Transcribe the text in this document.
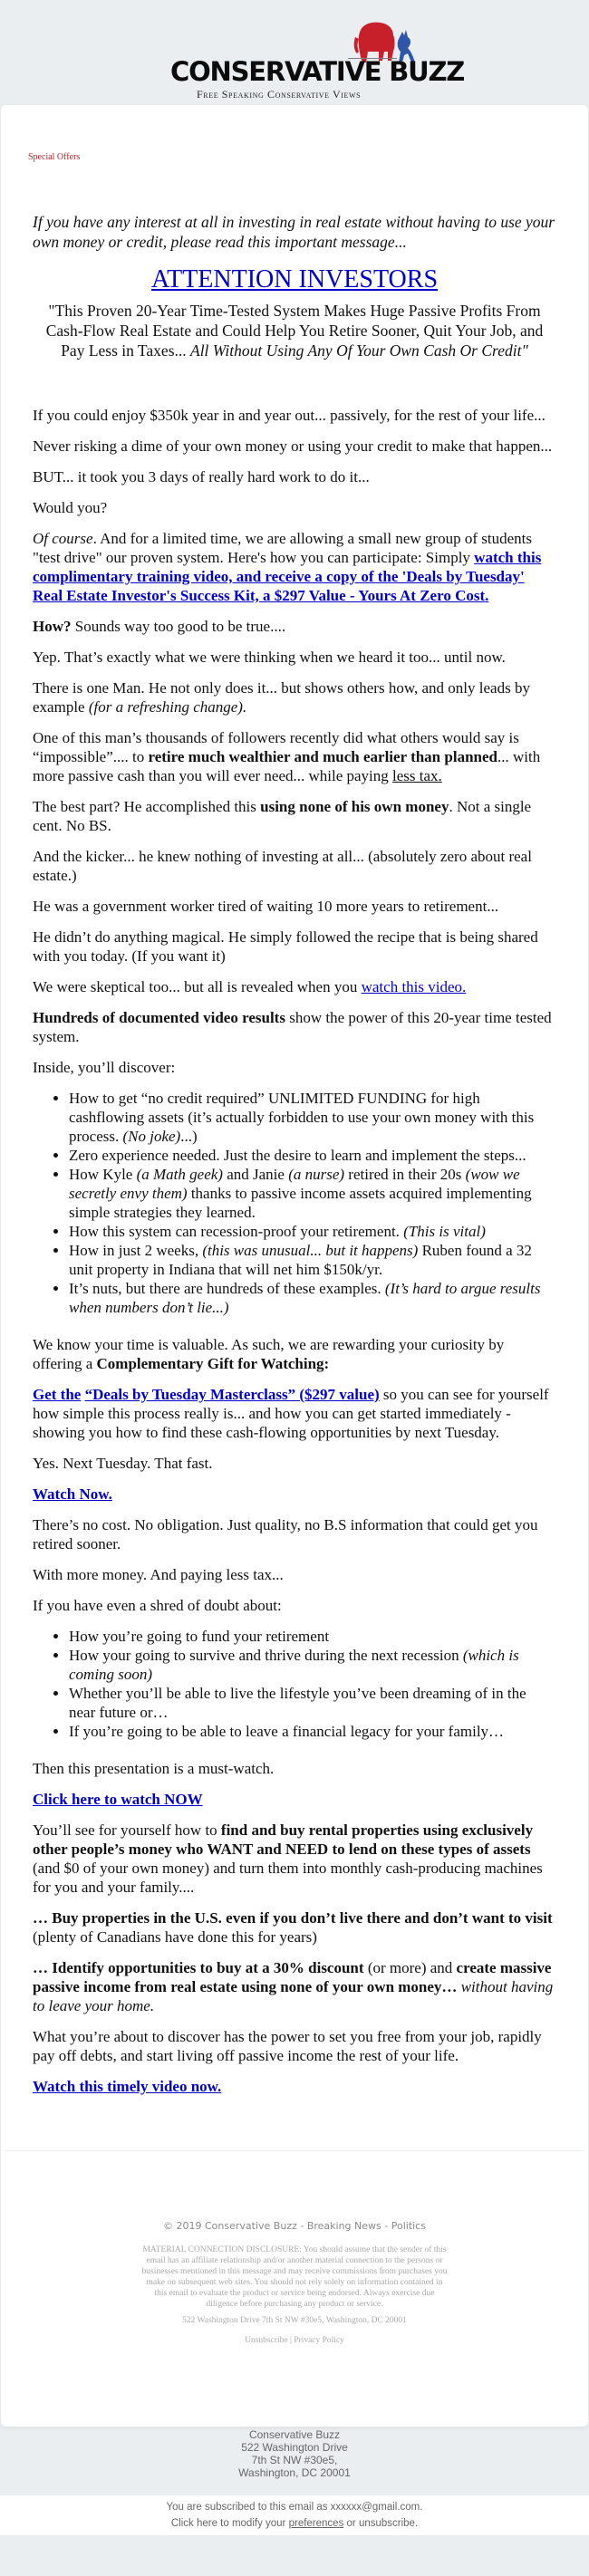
CONSERVATIVE BUZZ
Free Speaking Conservative Views
Special Offers

If you have any interest at all in investing in real estate without having to use your own money or credit, please read this important message...

ATTENTION INVESTORS

"This Proven 20-Year Time-Tested System Makes Huge Passive Profits From Cash-Flow Real Estate and Could Help You Retire Sooner, Quit Your Job, and Pay Less in Taxes... All Without Using Any Of Your Own Cash Or Credit"

If you could enjoy $350k year in and year out... passively, for the rest of your life...

Never risking a dime of your own money or using your credit to make that happen...

BUT... it took you 3 days of really hard work to do it...

Would you?

Of course. And for a limited time, we are allowing a small new group of students "test drive" our proven system. Here's how you can participate: Simply watch this complimentary training video, and receive a copy of the 'Deals by Tuesday' Real Estate Investor's Success Kit, a $297 Value - Yours At Zero Cost.

How? Sounds way too good to be true....

Yep. That’s exactly what we were thinking when we heard it too... until now.

There is one Man. He not only does it... but shows others how, and only leads by example (for a refreshing change).

One of this man’s thousands of followers recently did what others would say is “impossible”.... to retire much wealthier and much earlier than planned... with more passive cash than you will ever need... while paying less tax.

The best part? He accomplished this using none of his own money. Not a single cent. No BS.

And the kicker... he knew nothing of investing at all... (absolutely zero about real estate.)

He was a government worker tired of waiting 10 more years to retirement...

He didn’t do anything magical. He simply followed the recipe that is being shared with you today. (If you want it)

We were skeptical too... but all is revealed when you watch this video.

Hundreds of documented video results show the power of this 20-year time tested system.

Inside, you’ll discover:

• How to get “no credit required” UNLIMITED FUNDING for high cashflowing assets (it’s actually forbidden to use your own money with this process. (No joke)...)
• Zero experience needed. Just the desire to learn and implement the steps...
• How Kyle (a Math geek) and Janie (a nurse) retired in their 20s (wow we secretly envy them) thanks to passive income assets acquired implementing simple strategies they learned.
• How this system can recession-proof your retirement. (This is vital)
• How in just 2 weeks, (this was unusual... but it happens) Ruben found a 32 unit property in Indiana that will net him $150k/yr.
• It’s nuts, but there are hundreds of these examples. (It’s hard to argue results when numbers don’t lie...)

We know your time is valuable. As such, we are rewarding your curiosity by offering a Complementary Gift for Watching:

Get the “Deals by Tuesday Masterclass” ($297 value) so you can see for yourself how simple this process really is... and how you can get started immediately - showing you how to find these cash-flowing opportunities by next Tuesday.

Yes. Next Tuesday. That fast.

Watch Now.

There’s no cost. No obligation. Just quality, no B.S information that could get you retired sooner.

With more money. And paying less tax...

If you have even a shred of doubt about:

• How you’re going to fund your retirement
• How your going to survive and thrive during the next recession (which is coming soon)
• Whether you’ll be able to live the lifestyle you’ve been dreaming of in the near future or…
• If you’re going to be able to leave a financial legacy for your family…

Then this presentation is a must-watch.

Click here to watch NOW

You’ll see for yourself how to find and buy rental properties using exclusively other people’s money who WANT and NEED to lend on these types of assets (and $0 of your own money) and turn them into monthly cash-producing machines for you and your family....

… Buy properties in the U.S. even if you don’t live there and don’t want to visit (plenty of Canadians have done this for years)

… Identify opportunities to buy at a 30% discount (or more) and create massive passive income from real estate using none of your own money… without having to leave your home.

What you’re about to discover has the power to set you free from your job, rapidly pay off debts, and start living off passive income the rest of your life.

Watch this timely video now.

© 2019 Conservative Buzz - Breaking News - Politics
MATERIAL CONNECTION DISCLOSURE: You should assume that the sender of this email has an affiliate relationship and/or another material connection to the persons or businesses mentioned in this message and may receive commissions from purchases you make on subsequent web sites. You should not rely solely on information contained in this email to evaluate the product or service being endorsed. Always exercise due diligence before purchasing any product or service.
522 Washington Drive 7th St NW #30e5, Washington, DC 20001
Unsubscribe | Privacy Policy
Conservative Buzz
522 Washington Drive
7th St NW #30e5,
Washington, DC 20001
You are subscribed to this email as xxxxxx@gmail.com.
Click here to modify your preferences or unsubscribe.
